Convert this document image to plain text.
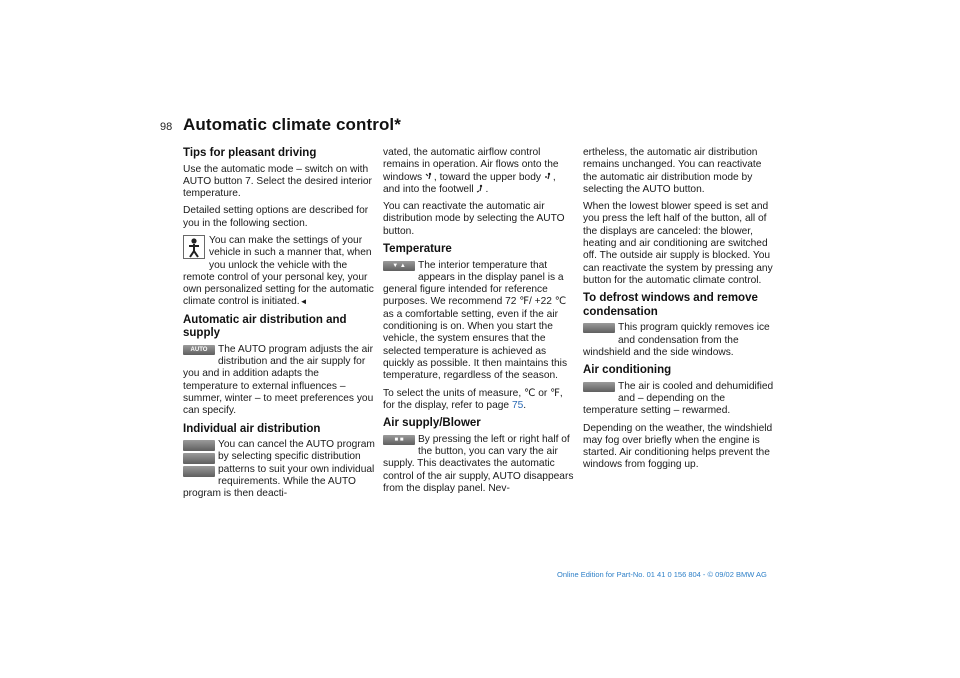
98 Automatic climate control*
Tips for pleasant driving

Use the automatic mode – switch on with AUTO button 7. Select the desired interior temperature.

Detailed setting options are described for you in the following section.

You can make the settings of your vehicle in such a manner that, when you unlock the vehicle with the remote control of your personal key, your own personalized setting for the automatic climate control is initiated.◄

Automatic air distribution and supply

AUTO	The AUTO program adjusts the air distribution and the air supply for you and in addition adapts the temperature to external influences – summer, winter – to meet preferences you can specify.

Individual air distribution

You can cancel the AUTO program by selecting specific distribution patterns to suit your own individual requirements. While the AUTO program is then deacti-

vated, the automatic airflow control remains in operation. Air flows onto the windows , toward the upper body , and into the footwell .

You can reactivate the automatic air distribution mode by selecting the AUTO button.

Temperature

▼ ▲	The interior temperature that appears in the display panel is a general figure intended for reference purposes. We recommend 72 ℉/ +22 ℃ as a comfortable setting, even if the air conditioning is on. When you start the vehicle, the system ensures that the selected temperature is achieved as quickly as possible. It then maintains this temperature, regardless of the season.

To select the units of measure, ℃ or ℉, for the display, refer to page 75.

Air supply/Blower

■ ■	By pressing the left or right half of the button, you can vary the air supply. This deactivates the automatic control of the air supply, AUTO disappears from the display panel. Nev-

ertheless, the automatic air distribution remains unchanged. You can reactivate the automatic air distribution mode by selecting the AUTO button.

When the lowest blower speed is set and you press the left half of the button, all of the displays are canceled: the blower, heating and air conditioning are switched off. The outside air supply is blocked. You can reactivate the system by pressing any button for the automatic climate control.

To defrost windows and remove condensation

This program quickly removes ice and condensation from the windshield and the side windows.

Air conditioning

The air is cooled and dehumidified and – depending on the temperature setting – rewarmed.

Depending on the weather, the windshield may fog over briefly when the engine is started. Air conditioning helps prevent the windows from fogging up.

Online Edition for Part-No. 01 41 0 156 804 - © 09/02 BMW AG
